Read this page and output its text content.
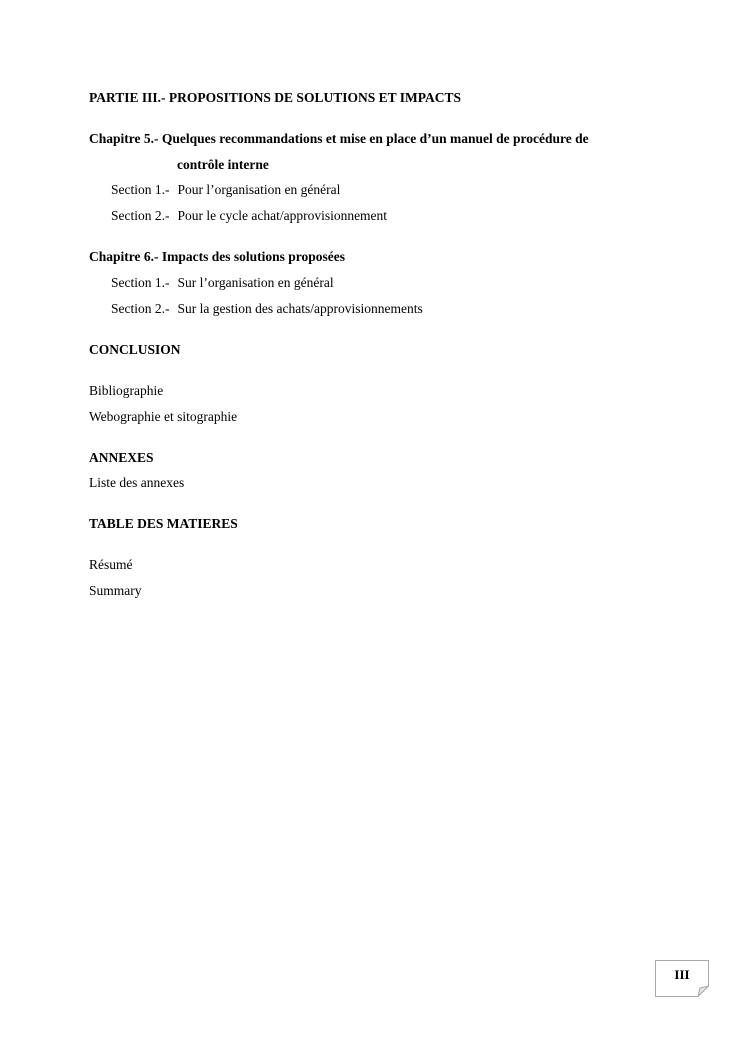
PARTIE III.- PROPOSITIONS DE SOLUTIONS ET IMPACTS
Chapitre 5.- Quelques recommandations et mise en place d’un manuel de procédure de
contrôle interne
Section 1.- Pour l’organisation en général
Section 2.- Pour le cycle achat/approvisionnement
Chapitre 6.- Impacts des solutions proposées
Section 1.- Sur l’organisation en général
Section 2.- Sur la gestion des achats/approvisionnements
CONCLUSION
Bibliographie
Webographie et sitographie
ANNEXES
Liste des annexes
TABLE DES MATIERES
Résumé
Summary
III
